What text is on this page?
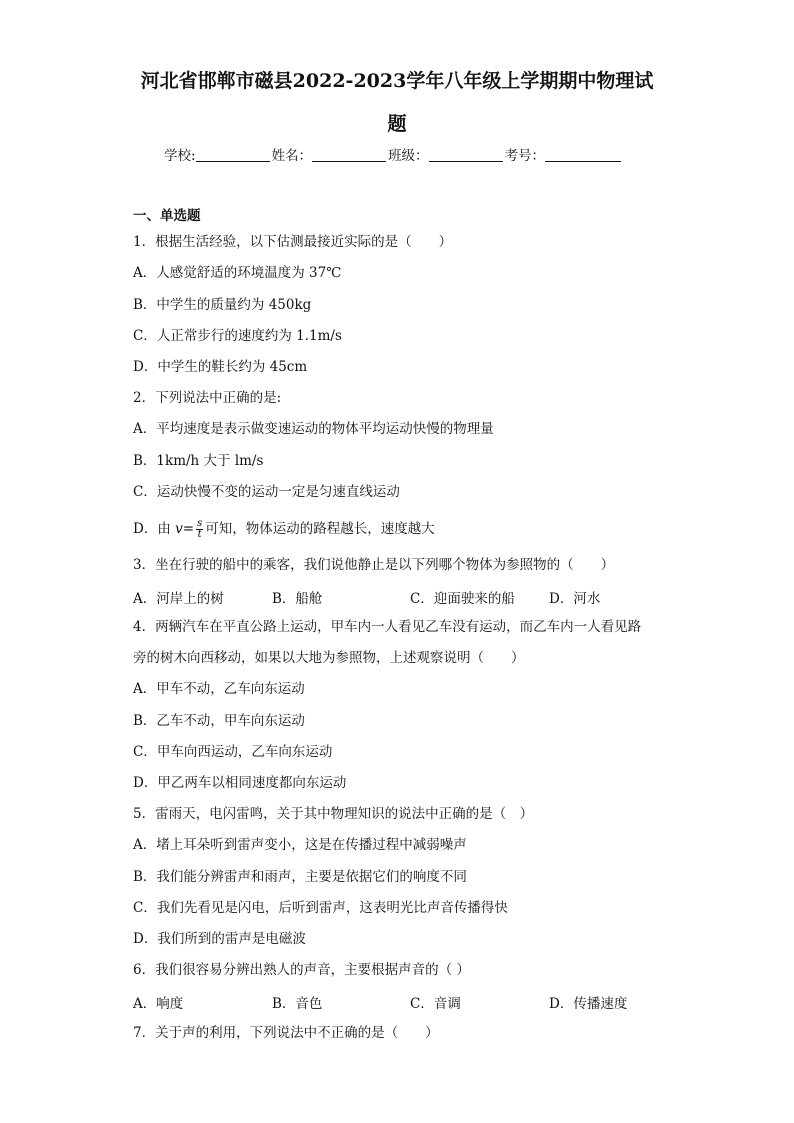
河北省邯郸市磁县2022-2023学年八年级上学期期中物理试
题
学校:	姓名：	班级：	考号：
一、单选题
1．根据生活经验，以下估测最接近实际的是（　　）
A．人感觉舒适的环境温度为 37℃
B．中学生的质量约为 450kg
C．人正常步行的速度约为 1.1m/s
D．中学生的鞋长约为 45cm
2．下列说法中正确的是:
A．平均速度是表示做变速运动的物体平均运动快慢的物理量
B．1km/h 大于 lm/s
C．运动快慢不变的运动一定是匀速直线运动
D．由 $v= \frac{s}{t}$ 可知，物体运动的路程越长，速度越大
3．坐在行驶的船中的乘客，我们说他静止是以下列哪个物体为参照物的（　　）
A．河岸上的树	B．船舱	C．迎面驶来的船	D．河水
4．两辆汽车在平直公路上运动，甲车内一人看见乙车没有运动，而乙车内一人看见路
旁的树木向西移动，如果以大地为参照物，上述观察说明（　　）
A．甲车不动，乙车向东运动
B．乙车不动，甲车向东运动
C．甲车向西运动，乙车向东运动
D．甲乙两车以相同速度都向东运动
5．雷雨天，电闪雷鸣，关于其中物理知识的说法中正确的是（　）
A．堵上耳朵听到雷声变小，这是在传播过程中减弱噪声
B．我们能分辨雷声和雨声，主要是依据它们的响度不同
C．我们先看见是闪电，后听到雷声，这表明光比声音传播得快
D．我们所到的雷声是电磁波
6．我们很容易分辨出熟人的声音，主要根据声音的（ ）
A．响度	B．音色	C．音调	D．传播速度
7．关于声的利用，下列说法中不正确的是（　　）
